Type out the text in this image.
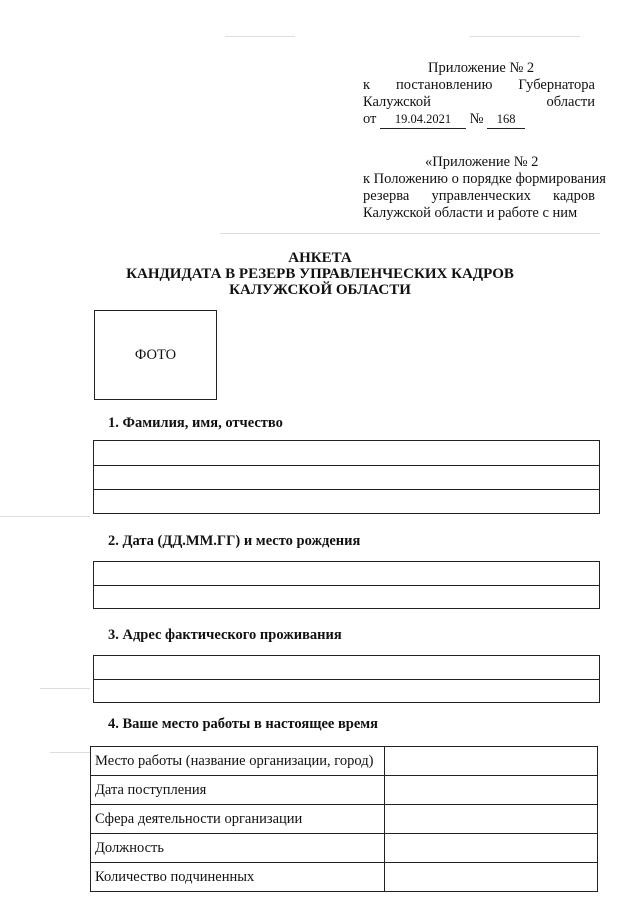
Приложение № 2
к постановлению Губернатора
Калужской	области
от 19.04.2021 № 168
«Приложение № 2
к Положению о порядке формирования
резерва управленческих кадров
Калужской области и работе с ним
АНКЕТА
КАНДИДАТА В РЕЗЕРВ УПРАВЛЕНЧЕСКИХ КАДРОВ
КАЛУЖСКОЙ ОБЛАСТИ
ФОТО
1. Фамилия, имя, отчество
2. Дата (ДД.ММ.ГГ) и место рождения
3. Адрес фактического проживания
4. Ваше место работы в настоящее время
Место работы (название организации, город)	
Дата поступления	
Сфера деятельности организации	
Должность	
Количество подчиненных	
